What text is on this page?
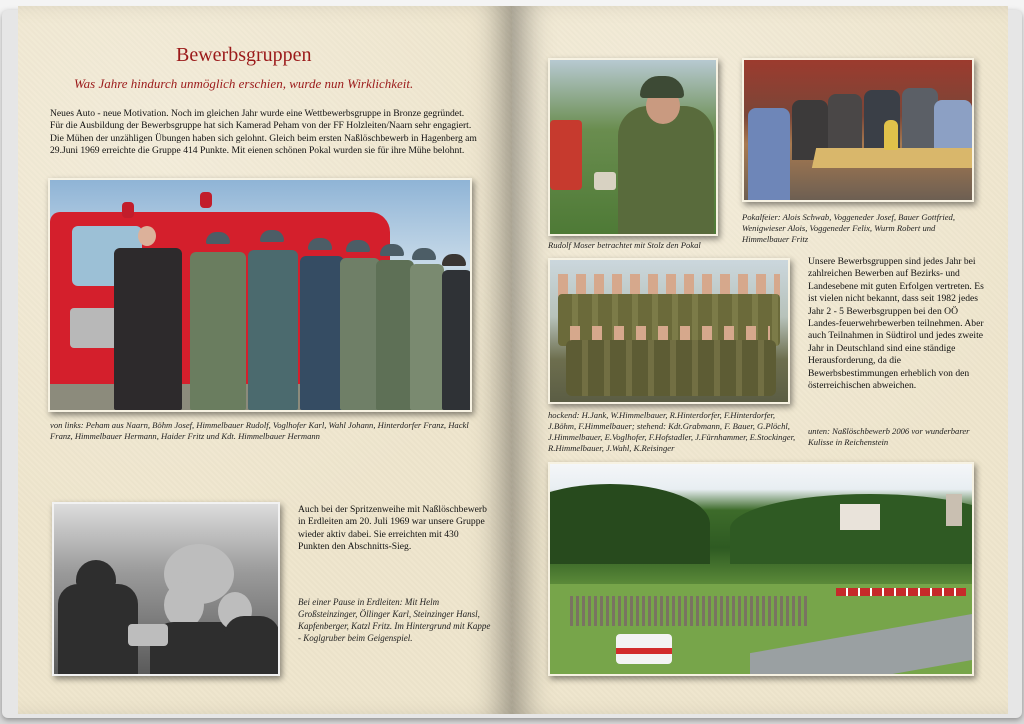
Bewerbsgruppen

Was Jahre hindurch unmöglich erschien, wurde nun Wirklichkeit.

Neues Auto - neue Motivation. Noch im gleichen Jahr wurde eine Wettbewerbsgruppe in Bronze gegründet. Für die Ausbildung der Bewerbsgruppe hat sich Kamerad Peham von der FF Holzleiten/Naarn sehr engagiert. Die Mühen der unzähligen Übungen haben sich gelohnt. Gleich beim ersten Naßlöschbewerb in Hagenberg am 29.Juni 1969 erreichte die Gruppe 414 Punkte. Mit eienen schönen Pokal wurden sie für ihre Mühe belohnt.

von links: Peham aus Naarn, Böhm Josef, Himmelbauer Rudolf, Voglhofer Karl, Wahl Johann, Hinterdorfer Franz, Hackl Franz, Himmelbauer Hermann, Haider Fritz und Kdt. Himmelbauer Hermann

Auch bei der Spritzenweihe mit Naßlöschbewerb in Erdleiten am 20. Juli 1969 war unsere Gruppe wieder aktiv dabei. Sie erreichten mit 430 Punkten den Abschnitts-Sieg.

Bei einer Pause in Erdleiten: Mit Helm Großsteinzinger, Öllinger Karl, Steinzinger Hansl, Kapfenberger, Katzl Fritz. Im Hintergrund mit Kappe - Koglgruber beim Geigenspiel.

Rudolf Moser betrachtet mit Stolz den Pokal

Pokalfeier: Alois Schwab, Voggeneder Josef, Bauer Gottfried, Wenigwieser Alois, Voggeneder Felix, Wurm Robert und Himmelbauer Fritz

hockend: H.Jank, W.Himmelbauer, R.Hinterdorfer, F.Hinterdorfer, J.Böhm, F.Himmelbauer; stehend: Kdt.Grabmann, F. Bauer, G.Plöchl, J.Himmelbauer, E.Voglhofer, F.Hofstadler, J.Fürnhammer, E.Stockinger, R.Himmelbauer, J.Wahl, K.Reisinger

Unsere Bewerbsgruppen sind jedes Jahr bei zahlreichen Bewerben auf Bezirks- und Landesebene mit guten Erfolgen vertreten. Es ist vielen nicht bekannt, dass seit 1982 jedes Jahr 2 - 5 Bewerbsgruppen bei den OÖ Landes-feuerwehrbewerben teilnehmen. Aber auch Teilnahmen in Südtirol und jedes zweite Jahr in Deutschland sind eine ständige Herausforderung, da die Bewerbsbestimmungen erheblich von den österreichischen abweichen.

unten: Naßlöschbewerb 2006 vor wunderbarer Kulisse in Reichenstein
